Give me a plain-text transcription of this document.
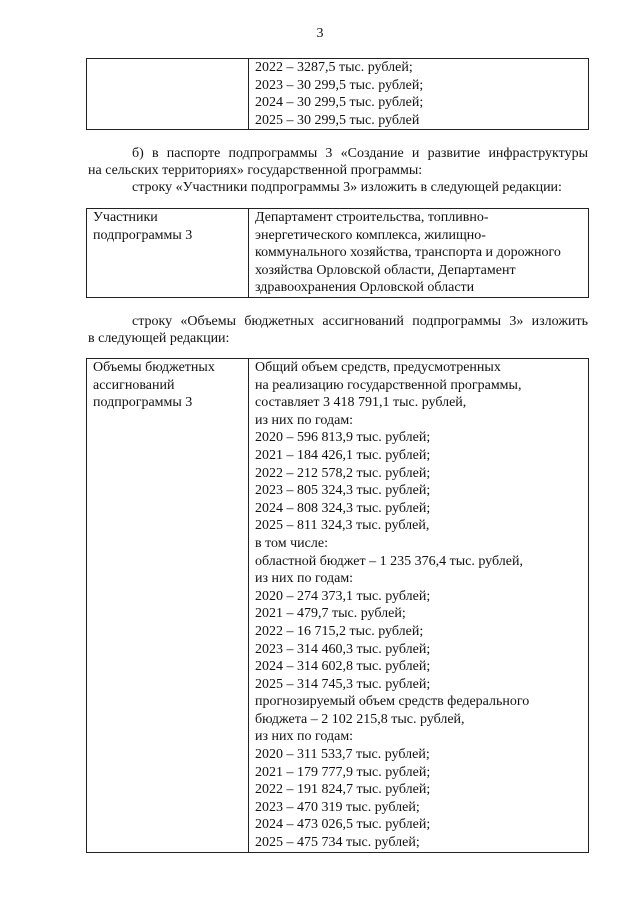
3

2022 – 3287,5 тыс. рублей;
2023 – 30 299,5 тыс. рублей;
2024 – 30 299,5 тыс. рублей;
2025 – 30 299,5 тыс. рублей
б) в паспорте подпрограммы 3 «Создание и развитие инфраструктуры
на сельских территориях» государственной программы:
строку «Участники подпрограммы 3» изложить в следующей редакции:
Участники
подпрограммы 3

Департамент строительства, топливно-
энергетического комплекса, жилищно-
коммунального хозяйства, транспорта и дорожного
хозяйства Орловской области, Департамент
здравоохранения Орловской области
строку «Объемы бюджетных ассигнований подпрограммы 3» изложить
в следующей редакции:
Объемы бюджетных
ассигнований
подпрограммы 3

Общий объем средств, предусмотренных
на реализацию государственной программы,
составляет 3 418 791,1 тыс. рублей,
из них по годам:
2020 – 596 813,9 тыс. рублей;
2021 – 184 426,1 тыс. рублей;
2022 – 212 578,2 тыс. рублей;
2023 – 805 324,3 тыс. рублей;
2024 – 808 324,3 тыс. рублей;
2025 – 811 324,3 тыс. рублей,
в том числе:
областной бюджет – 1 235 376,4 тыс. рублей,
из них по годам:
2020 – 274 373,1 тыс. рублей;
2021 – 479,7 тыс. рублей;
2022 – 16 715,2 тыс. рублей;
2023 – 314 460,3 тыс. рублей;
2024 – 314 602,8 тыс. рублей;
2025 – 314 745,3 тыс. рублей;
прогнозируемый объем средств федерального
бюджета – 2 102 215,8 тыс. рублей,
из них по годам:
2020 – 311 533,7 тыс. рублей;
2021 – 179 777,9 тыс. рублей;
2022 – 191 824,7 тыс. рублей;
2023 – 470 319 тыс. рублей;
2024 – 473 026,5 тыс. рублей;
2025 – 475 734 тыс. рублей;
